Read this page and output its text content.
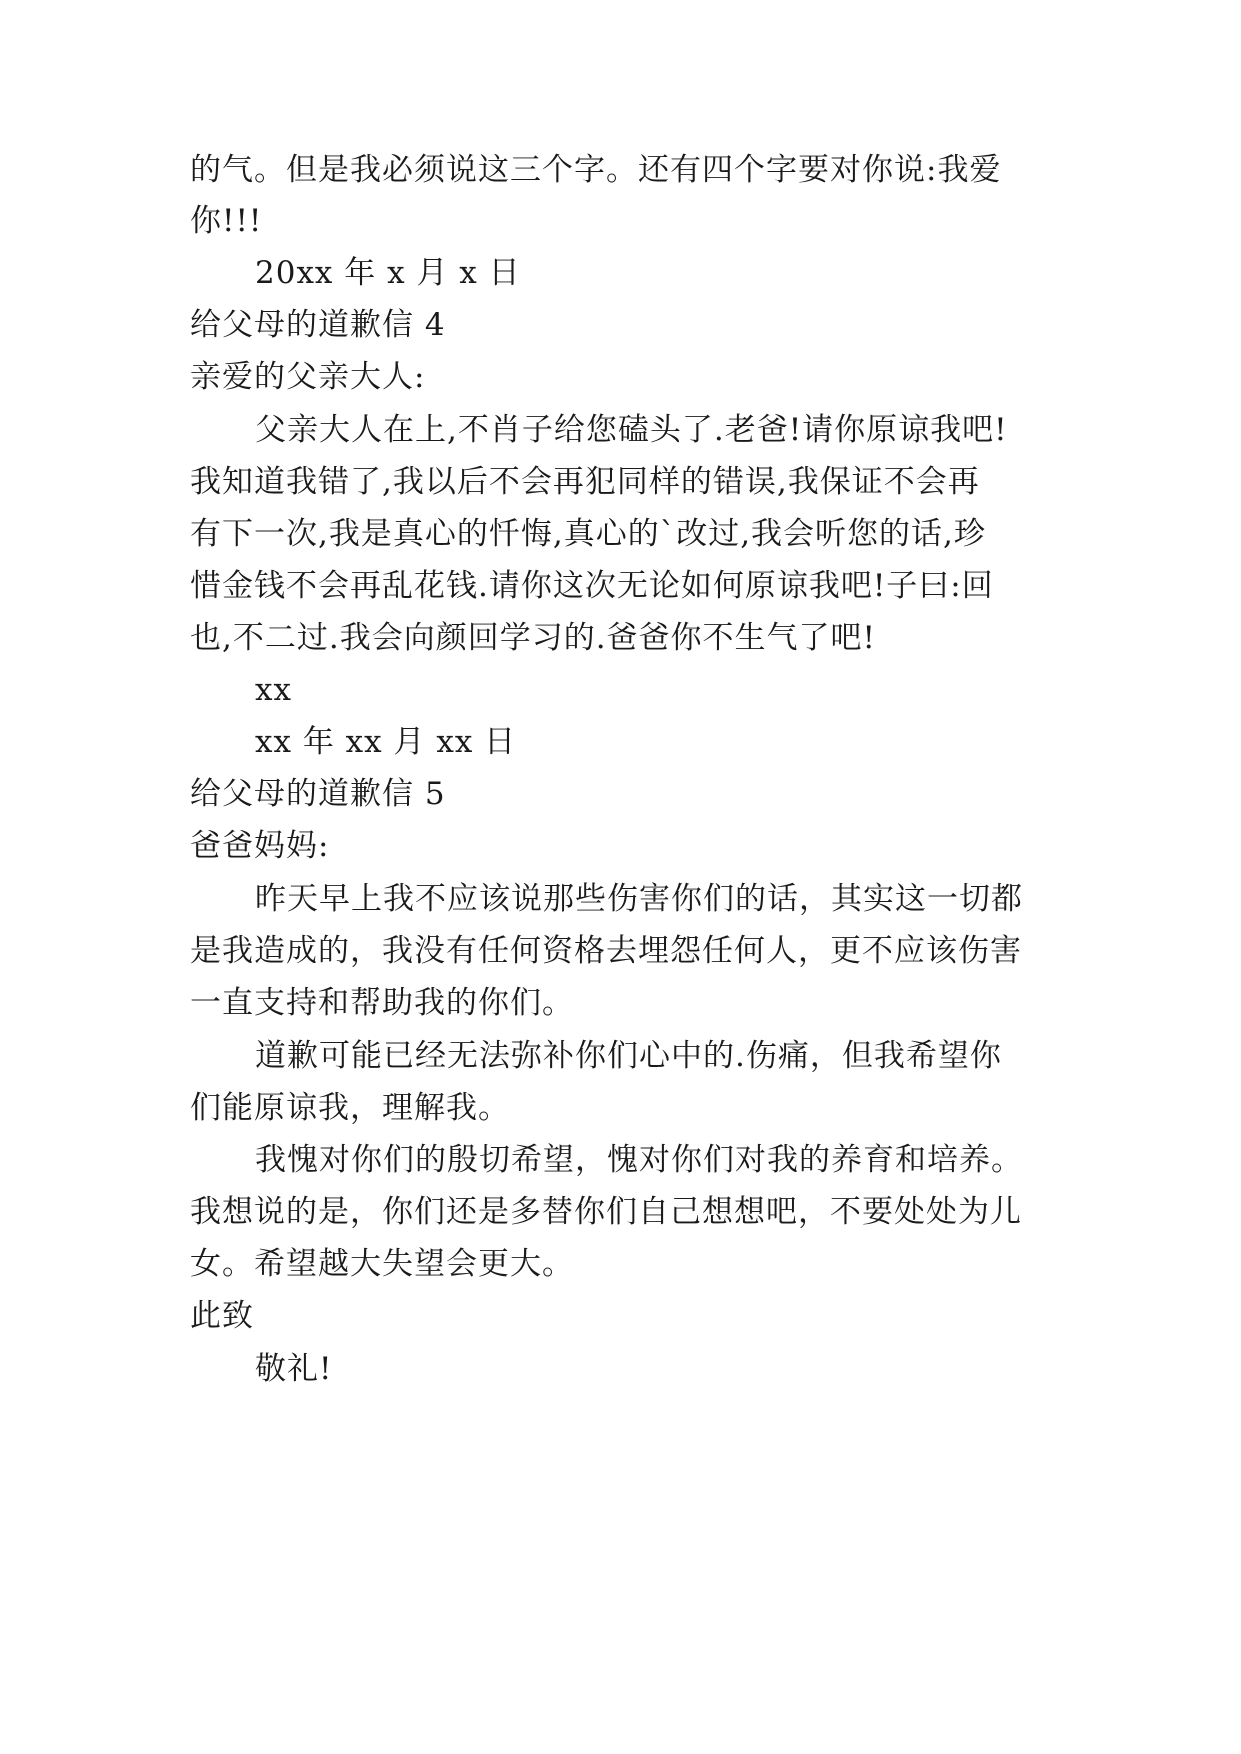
的气。但是我必须说这三个字。还有四个字要对你说:我爱
你!!!
20xx 年 x 月 x 日
给父母的道歉信 4
亲爱的父亲大人:
父亲大人在上,不肖子给您磕头了.老爸!请你原谅我吧!
我知道我错了,我以后不会再犯同样的错误,我保证不会再
有下一次,我是真心的忏悔,真心的`改过,我会听您的话,珍
惜金钱不会再乱花钱.请你这次无论如何原谅我吧!子曰:回
也,不二过.我会向颜回学习的.爸爸你不生气了吧!
xx
xx 年 xx 月 xx 日
给父母的道歉信 5
爸爸妈妈:
昨天早上我不应该说那些伤害你们的话，其实这一切都
是我造成的，我没有任何资格去埋怨任何人，更不应该伤害
一直支持和帮助我的你们。
道歉可能已经无法弥补你们心中的.伤痛，但我希望你
们能原谅我，理解我。
我愧对你们的殷切希望，愧对你们对我的养育和培养。
我想说的是，你们还是多替你们自己想想吧，不要处处为儿
女。希望越大失望会更大。
此致
敬礼!
